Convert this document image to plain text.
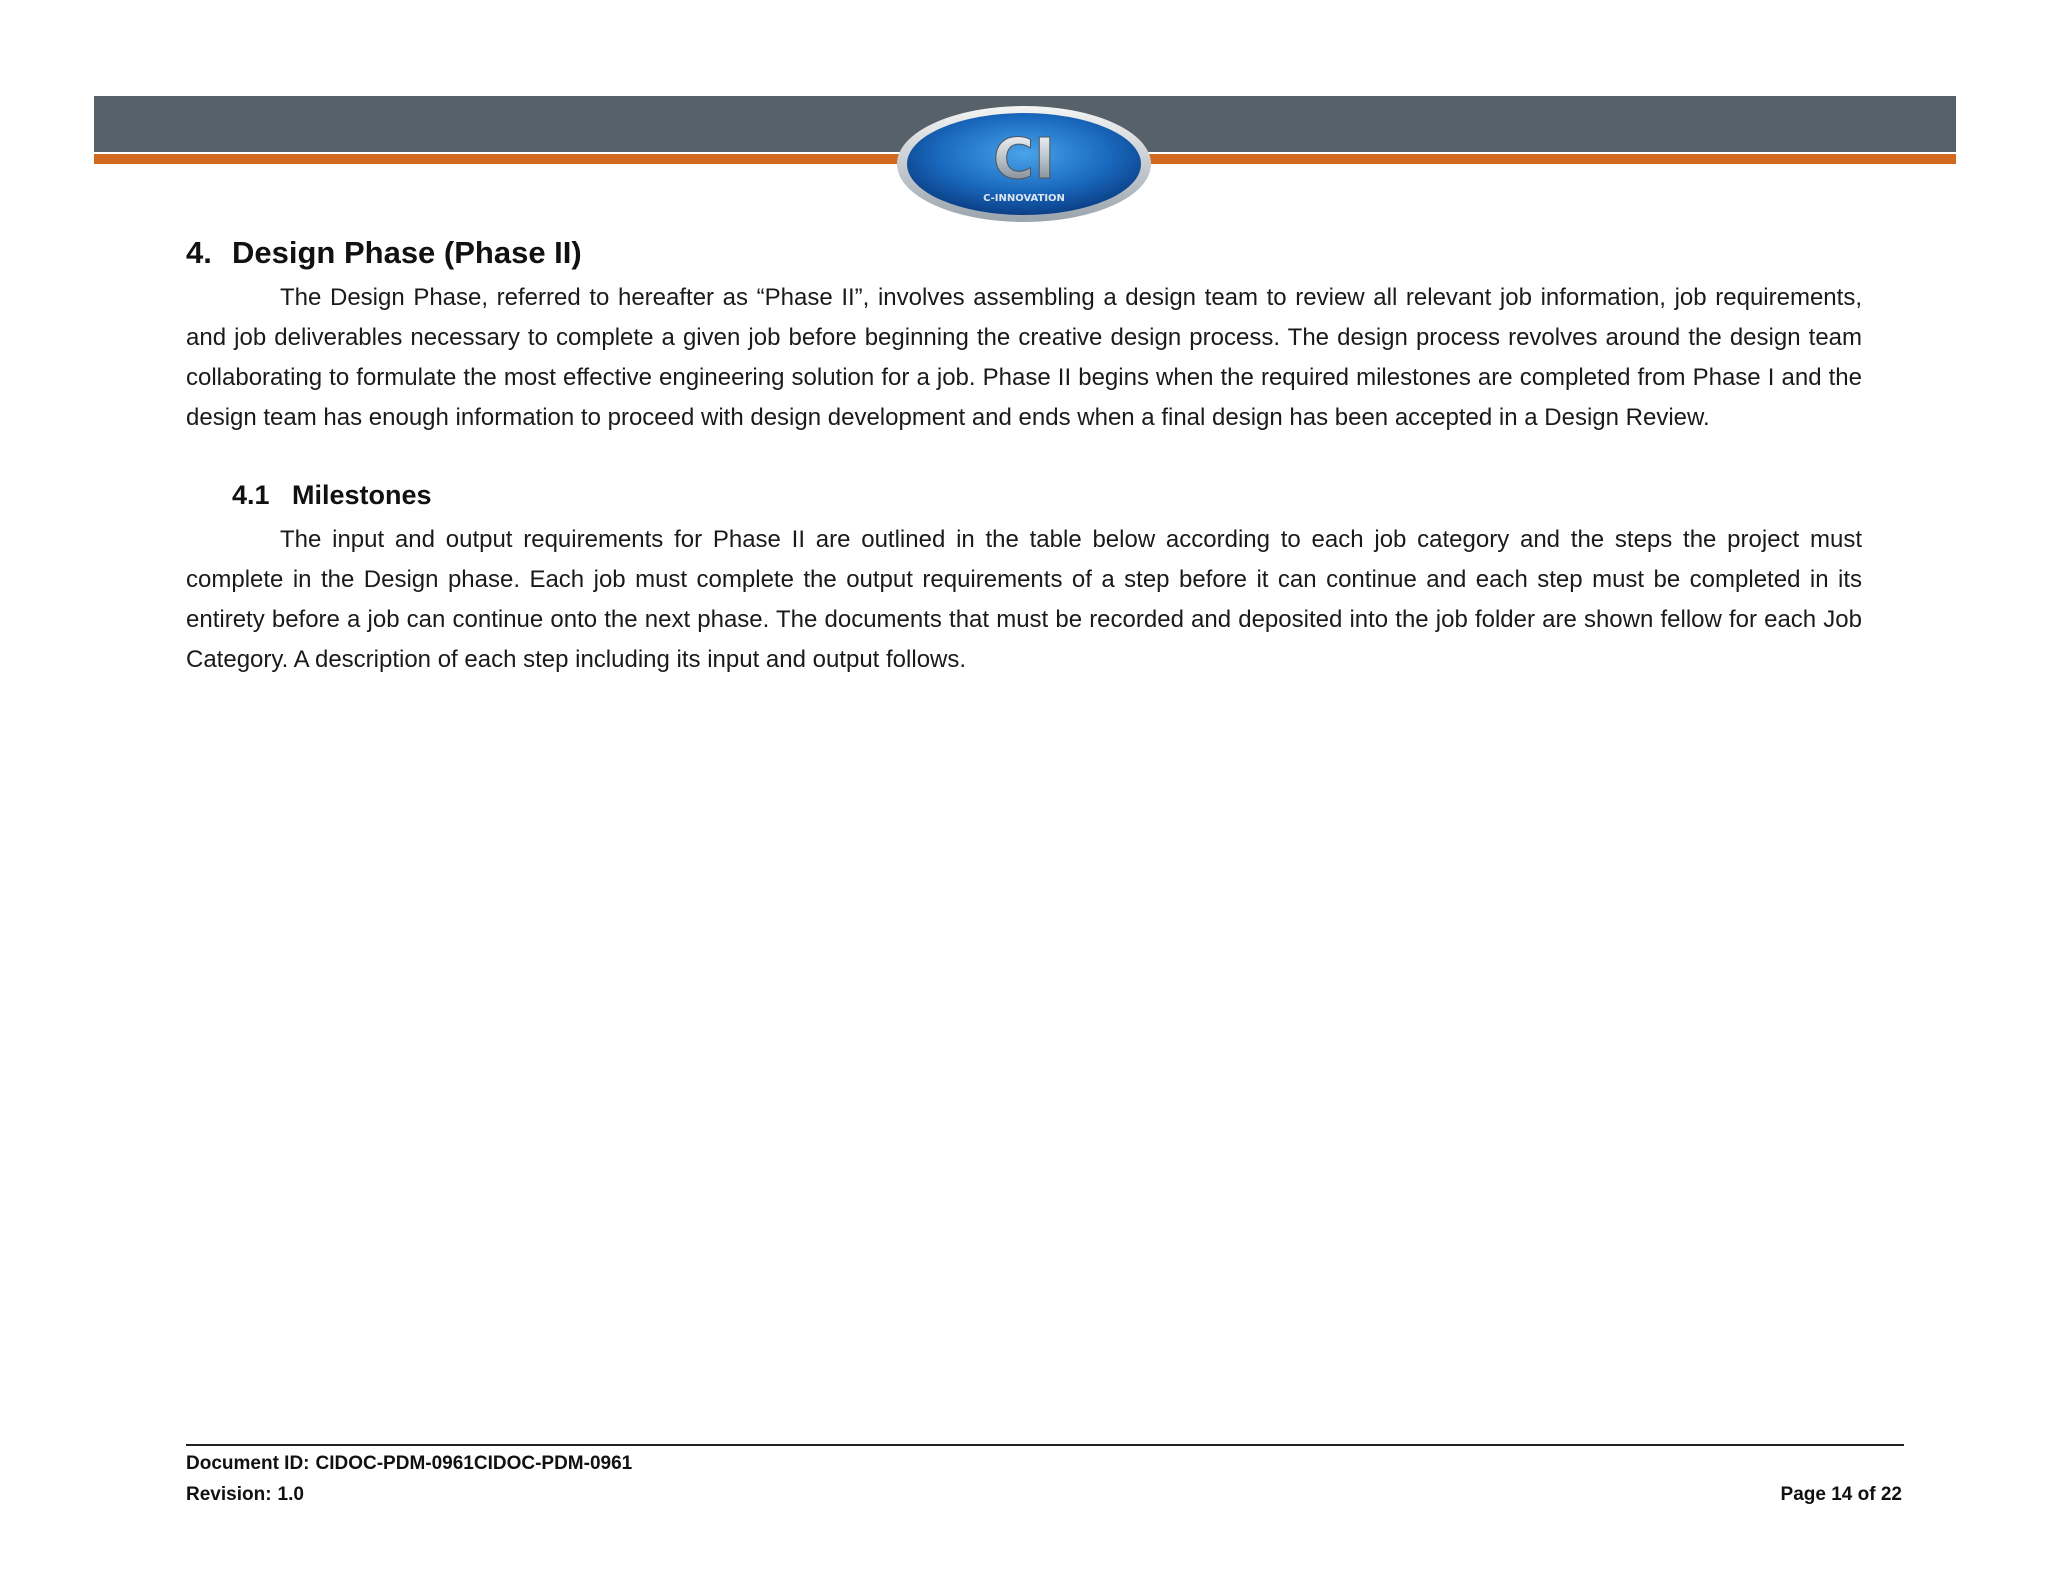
CI
C-INNOVATION
4. Design Phase (Phase II)

The Design Phase, referred to hereafter as “Phase II”, involves assembling a design team to review all relevant job information, job requirements, and job deliverables necessary to complete a given job before beginning the creative design process. The design process revolves around the design team collaborating to formulate the most effective engineering solution for a job. Phase II begins when the required milestones are completed from Phase I and the design team has enough information to proceed with design development and ends when a final design has been accepted in a Design Review.

4.1 Milestones

The input and output requirements for Phase II are outlined in the table below according to each job category and the steps the project must complete in the Design phase. Each job must complete the output requirements of a step before it can continue and each step must be completed in its entirety before a job can continue onto the next phase. The documents that must be recorded and deposited into the job folder are shown fellow for each Job Category. A description of each step including its input and output follows.

Document ID: CIDOC-PDM-0961CIDOC-PDM-0961
Revision: 1.0	Page 14 of 22
